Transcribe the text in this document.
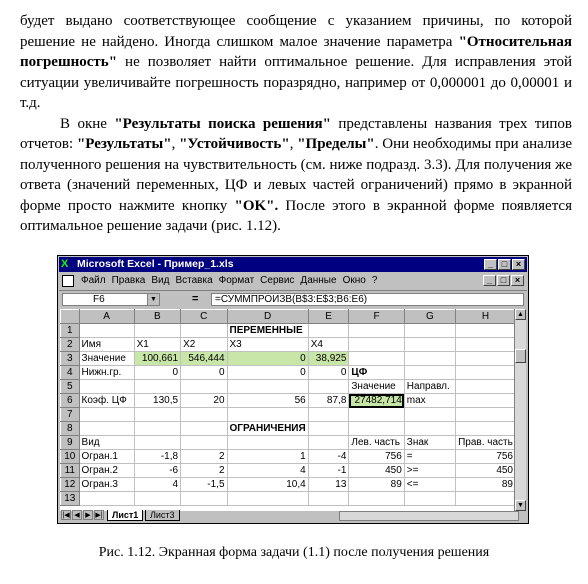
будет выдано соответствующее сообщение с указанием причины, по которой решение не найдено. Иногда слишком малое значение параметра "Относительная погрешность" не позволяет найти оптимальное решение. Для исправления этой ситуации увеличивайте погрешность поразрядно, например от 0,000001 до 0,00001 и т.д.

В окне "Результаты поиска решения" представлены названия трех типов отчетов: "Результаты", "Устойчивость", "Пределы". Они необходимы при анализе полученного решения на чувствительность (см. ниже подразд. 3.3). Для получения же ответа (значений переменных, ЦФ и левых частей ограничений) прямо в экранной форме просто нажмите кнопку "OK". После этого в экранной форме появляется оптимальное решение задачи (рис. 1.12).

X Microsoft Excel - Пример_1.xls	_ □ ×
Файл Правка Вид Вставка Формат Сервис Данные Окно ?	_ □ ×
F6	▼	=	=СУММПРОИЗВ(B$3:E$3;B6:E6)
	A	B	C	D	E	F	G	H
1				ПЕРЕМЕННЫЕ				
2	Имя	X1	X2	X3	X4			
3	Значение	100,661	546,444	0	38,925			
4	Нижн.гр.	0	0	0	0	ЦФ		
5						Значение	Направл.	
6	Коэф. ЦФ	130,5	20	56	87,8	27482,714	max	
7								
8				ОГРАНИЧЕНИЯ				
9	Вид					Лев. часть	Знак	Прав. часть
10	Огран.1	-1,8	2	1	-4	756	=	756
11	Огран.2	-6	2	4	-1	450	>=	450
12	Огран.3	4	-1,5	10,4	13	89	<=	89
13								
▲
▼
|◀ ◀ ▶ ▶|	Лист1	Лист3
Рис. 1.12. Экранная форма задачи (1.1) после получения решения
